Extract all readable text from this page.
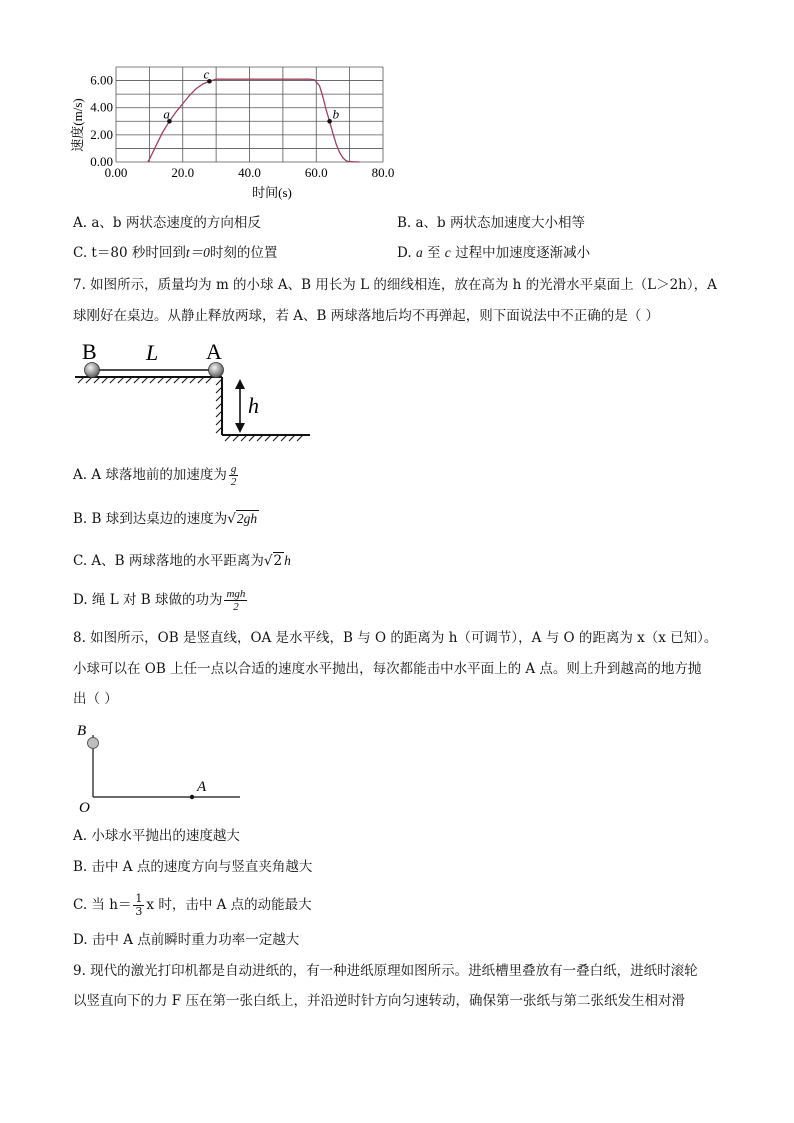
a
c
b
0.00	20.0	40.0	60.0	80.0
0.00
2.00
4.00
6.00
时间(s)
速度(m/s)
A. a、b 两状态速度的方向相反	B. a、b 两状态加速度大小相等
C. t＝80 秒时回到t＝0时刻的位置	D. a 至 c 过程中加速度逐渐减小
7. 如图所示，质量均为 m 的小球 A、B 用长为 L 的细线相连，放在高为 h 的光滑水平桌面上（L＞2h），A
球刚好在桌边。从静止释放两球，若 A、B 两球落地后均不再弹起，则下面说法中不正确的是（ ）
B L A
h
A. A 球落地前的加速度为 $\frac{g}{2}$
B. B 球到达桌边的速度为√2gh
C. A、B 两球落地的水平距离为√2 h
D. 绳 L 对 B 球做的功为 $\frac{\text{mgh}}{2}$
8. 如图所示，OB 是竖直线，OA 是水平线，B 与 O 的距离为 h（可调节），A 与 O 的距离为 x（x 已知）。
小球可以在 OB 上任一点以合适的速度水平抛出，每次都能击中水平面上的 A 点。则上升到越高的地方抛
出（ ）
B
A
O
A. 小球水平抛出的速度越大
B. 击中 A 点的速度方向与竖直夹角越大
C. 当 $h= \frac{1}{3}$ x 时，击中 A 点的动能最大
D. 击中 A 点前瞬时重力功率一定越大
9. 现代的激光打印机都是自动进纸的，有一种进纸原理如图所示。进纸槽里叠放有一叠白纸，进纸时滚轮
以竖直向下的力 F 压在第一张白纸上，并沿逆时针方向匀速转动，确保第一张纸与第二张纸发生相对滑
